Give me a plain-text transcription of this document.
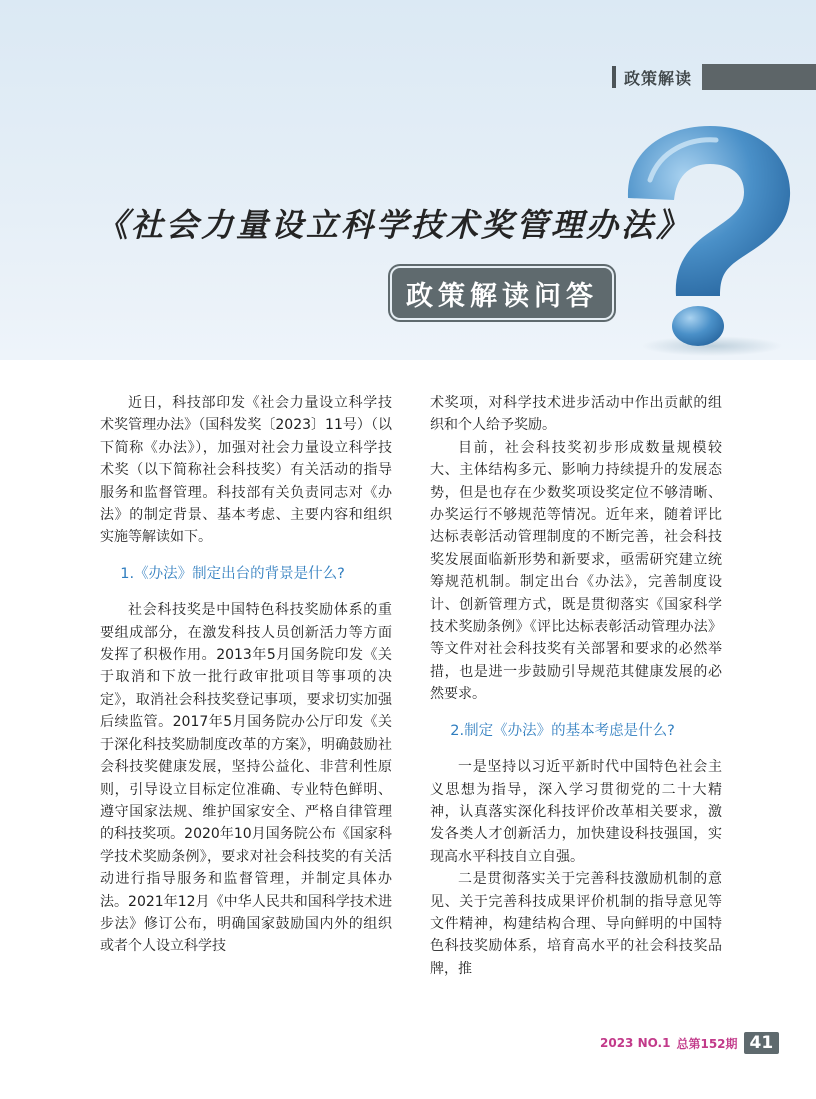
政策解读
《社会力量设立科学技术奖管理办法》
政策解读问答

近日，科技部印发《社会力量设立科学技术奖管理办法》（国科发奖〔2023〕11号）（以下简称《办法》），加强对社会力量设立科学技术奖（以下简称社会科技奖）有关活动的指导服务和监督管理。科技部有关负责同志对《办法》的制定背景、基本考虑、主要内容和组织实施等解读如下。

1.《办法》制定出台的背景是什么?

社会科技奖是中国特色科技奖励体系的重要组成部分，在激发科技人员创新活力等方面发挥了积极作用。2013年5月国务院印发《关于取消和下放一批行政审批项目等事项的决定》，取消社会科技奖登记事项，要求切实加强后续监管。2017年5月国务院办公厅印发《关于深化科技奖励制度改革的方案》，明确鼓励社会科技奖健康发展，坚持公益化、非营利性原则，引导设立目标定位准确、专业特色鲜明、遵守国家法规、维护国家安全、严格自律管理的科技奖项。2020年10月国务院公布《国家科学技术奖励条例》，要求对社会科技奖的有关活动进行指导服务和监督管理，并制定具体办法。2021年12月《中华人民共和国科学技术进步法》修订公布，明确国家鼓励国内外的组织或者个人设立科学技

术奖项，对科学技术进步活动中作出贡献的组织和个人给予奖励。

目前，社会科技奖初步形成数量规模较大、主体结构多元、影响力持续提升的发展态势，但是也存在少数奖项设奖定位不够清晰、办奖运行不够规范等情况。近年来，随着评比达标表彰活动管理制度的不断完善，社会科技奖发展面临新形势和新要求，亟需研究建立统筹规范机制。制定出台《办法》，完善制度设计、创新管理方式，既是贯彻落实《国家科学技术奖励条例》《评比达标表彰活动管理办法》等文件对社会科技奖有关部署和要求的必然举措，也是进一步鼓励引导规范其健康发展的必然要求。

2.制定《办法》的基本考虑是什么?

一是坚持以习近平新时代中国特色社会主义思想为指导，深入学习贯彻党的二十大精神，认真落实深化科技评价改革相关要求，激发各类人才创新活力，加快建设科技强国，实现高水平科技自立自强。

二是贯彻落实关于完善科技激励机制的意见、关于完善科技成果评价机制的指导意见等文件精神，构建结构合理、导向鲜明的中国特色科技奖励体系，培育高水平的社会科技奖品牌，推

2023 NO.1 总第152期 41
